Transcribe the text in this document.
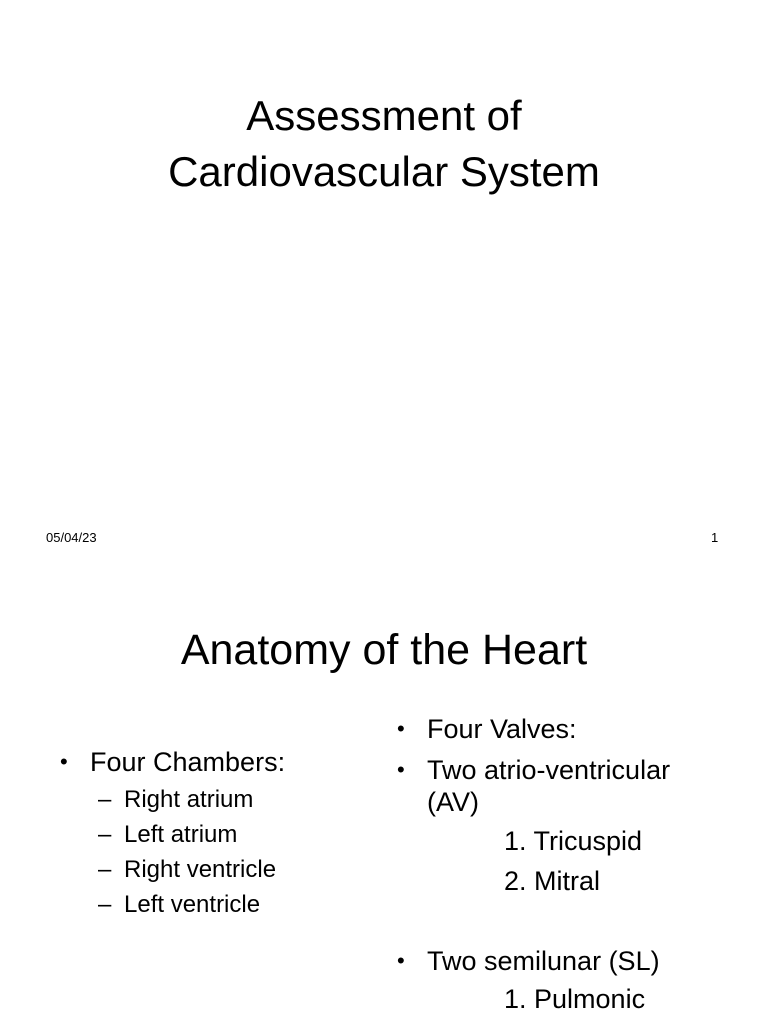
Assessment of
Cardiovascular System
05/04/23	1
Anatomy of the Heart
• Four Chambers:
– Right atrium
– Left atrium
– Right ventricle
– Left ventricle
• Four Valves:
• Two atrio-ventricular
(AV)
1. Tricuspid
2. Mitral
• Two semilunar (SL)
1. Pulmonic
